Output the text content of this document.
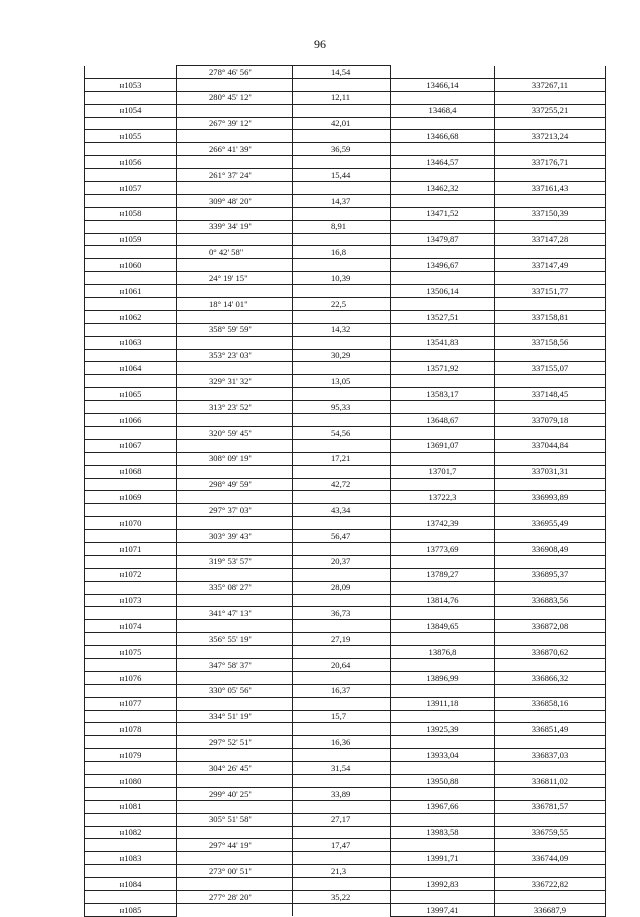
96
	278° 46' 56"	14,54		
н1053			13466,14	337267,11
	280° 45' 12"	12,11		
н1054			13468,4	337255,21
	267° 39' 12"	42,01		
н1055			13466,68	337213,24
	266° 41' 39"	36,59		
н1056			13464,57	337176,71
	261° 37' 24"	15,44		
н1057			13462,32	337161,43
	309° 48' 20"	14,37		
н1058			13471,52	337150,39
	339° 34' 19"	8,91		
н1059			13479,87	337147,28
	0° 42' 58"	16,8		
н1060			13496,67	337147,49
	24° 19' 15"	10,39		
н1061			13506,14	337151,77
	18° 14' 01"	22,5		
н1062			13527,51	337158,81
	358° 59' 59"	14,32		
н1063			13541,83	337158,56
	353° 23' 03"	30,29		
н1064			13571,92	337155,07
	329° 31' 32"	13,05		
н1065			13583,17	337148,45
	313° 23' 52"	95,33		
н1066			13648,67	337079,18
	320° 59' 45"	54,56		
н1067			13691,07	337044,84
	308° 09' 19"	17,21		
н1068			13701,7	337031,31
	298° 49' 59"	42,72		
н1069			13722,3	336993,89
	297° 37' 03"	43,34		
н1070			13742,39	336955,49
	303° 39' 43"	56,47		
н1071			13773,69	336908,49
	319° 53' 57"	20,37		
н1072			13789,27	336895,37
	335° 08' 27"	28,09		
н1073			13814,76	336883,56
	341° 47' 13"	36,73		
н1074			13849,65	336872,08
	356° 55' 19"	27,19		
н1075			13876,8	336870,62
	347° 58' 37"	20,64		
н1076			13896,99	336866,32
	330° 05' 56"	16,37		
н1077			13911,18	336858,16
	334° 51' 19"	15,7		
н1078			13925,39	336851,49
	297° 52' 51"	16,36		
н1079			13933,04	336837,03
	304° 26' 45"	31,54		
н1080			13950,88	336811,02
	299° 40' 25"	33,89		
н1081			13967,66	336781,57
	305° 51' 58"	27,17		
н1082			13983,58	336759,55
	297° 44' 19"	17,47		
н1083			13991,71	336744,09
	273° 00' 51"	21,3		
н1084			13992,83	336722,82
	277° 28' 20"	35,22		
н1085			13997,41	336687,9
